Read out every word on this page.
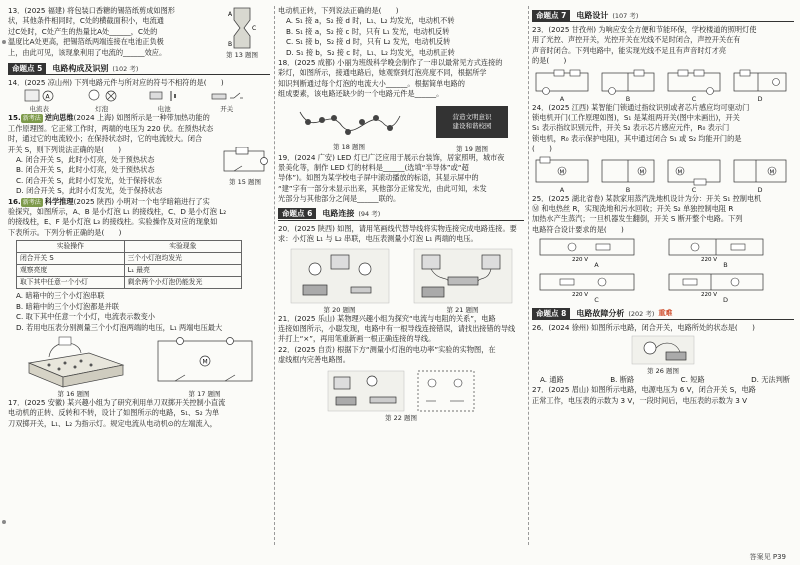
13．(2025 福建) 将包装口香糖的锡箔纸剪成如图形
状，其他条件相同时，C处的横截面积小，电流通
过C处时，C处产生的热量比A处______，C处的
温度比A处更高，把锡箔纸两端连接在电池正负极
上，由此可见，该现象利用了电流的______效应。
A
C
B
第 13 题图
命题点 5	电路构成及识别 (102 考)
14．(2025 凉山州) 下列电路元件与所对应的符号不相符的是(　　)
A
电流表	灯泡	电池	开关
15. 新考法 逆向思维(2024 上海) 如图所示是一种带加热功能的
工作原理图。它正常工作时，两端的电压为 220 伏。在预热状态
时，通过它的电流较小；在保持状态时，它的电流较大。闭合
开关 S，则下列说法正确的是(　　)
A. 闭合开关 S，此时小灯亮，处于预热状态
B. 闭合开关 S，此时小灯亮，处于预热状态
C. 闭合开关 S，此时小灯发光，处于保持状态
D. 闭合开关 S，此时小灯发光，处于保持状态
第 15 题图
16. 新考法 科学推理(2025 陕西) 小明对一个电学暗箱进行了实
验探究，如图所示，A、B 是小灯泡 L₁ 的接线柱，C、D 是小灯泡 L₂
的接线柱，E、F 是小灯泡 L₃ 的接线柱。实验操作及对应的现象如
下表所示。下列分析正确的是(　　)
实验操作	实验现象
闭合开关 S	三个小灯泡均发光
观察亮度	L₁ 最亮
取下其中任意一个小灯	剩余两个小灯泡仍能发光
A. 暗箱中的三个小灯泡串联
B. 暗箱中的三个小灯泡都是并联
C. 取下其中任意一个小灯，电流表示数变小
D. 若用电压表分别测量三个小灯泡两端的电压，L₁ 两端电压最大
第 16 题图
M
第 17 题图
17．(2025 安徽) 某兴趣小组为了研究利用单刀双掷开关控制小直流
电动机的正转、反转和不转，设计了如图所示的电路，S₁、S₂ 为单
刀双掷开关，L₁、L₂ 为指示灯。规定电流从电动机⊙的左端流入，
电动机正转，下列说法正确的是(　　)
A. S₁ 接 a，S₂ 接 d 时，L₁、L₂ 均发光，电动机不转
B. S₁ 接 a，S₂ 接 c 时，只有 L₁ 发光，电动机反转
C. S₁ 接 b，S₂ 接 d 时，只有 L₂ 发光，电动机反转
D. S₁ 接 b，S₂ 接 c 时，L₁、L₂ 均发光，电动机正转
18．(2025 成都) 小丽为班级科学晚会制作了一串以最常见方式连接的
彩灯，如图所示，接通电路后，她观察到灯泡亮度不同，根据所学
知识判断通过每个灯泡的电流大小______。根据简单电路的
组成要素，该电路还缺少的一个电路元件是______。
第 18 题图
营造文明意识
建设和谐校园
第 19 题图
19．(2024 广安) LED 灯已广泛应用于展示台装饰，居家照明，城市夜
景美化等，制作 LED 灯的材料是______(选填“半导体”或“超
导体”)。如图为某学校电子屏中滚动播放的标语，其显示屏中的
“建”字有一部分未显示出来，其他部分正常发光，由此可知，未发
光部分与其他部分之间是______联的。
命题点 6	电路连接 (94 考)
20．(2025 陕西) 如图，请用笔画线代替导线将实物连接完成电路连接。要
求：小灯泡 L₁ 与 L₂ 串联，电压表测量小灯泡 L₁ 两端的电压。
第 20 题图	第 21 题图
21．(2025 乐山) 某物理兴趣小组为探究“电流与电阻的关系”，电路
连接如图所示，小聪发现，电路中有一根导线连接错误，请找出接错的导线
并打上“×”，再用笔重新画一根正确连接的导线。
22．(2025 自贡) 根据下方“测量小灯泡的电功率”实验的实物图，在
虚线框内完善电路图。
第 22 题图
命题点 7	电路设计 (107 考)
23．(2025 甘孜州) 为响应安全方便和节能环保，学校楼道的照明灯使
用了光控、声控开关，光控开关在光线不足时闭合，声控开关在有
声音时闭合。下列电路中，能实现光线不足且有声音时灯才亮
的是(　　)
A	B	C	D
24．(2025 江西) 某智能门锁通过指纹识别或者芯片感应均可驱动门
锁电机开门(工作原理如图)，S₁ 是某组两开关(图中未画出)，开关
S₁ 表示指纹识别元件，开关 S₂ 表示芯片感应元件，R₀ 表示门
锁电机，R₀ 表示保护电阻)，其中通过闭合 S₁ 或 S₂ 均能开门的是
(　　)
M
A
M
B
M
C
M
D
25．(2025 湖北省卷) 某款家用蒸汽洗地机设计为分：开关 S₁ 控制电机
Ⓜ 和电热丝 R，实现洗地和污水回收；开关 S₂ 单独控制电阻 R
加热水产生蒸汽；一旦机器发生翻倒，开关 S 断开整个电路。下列
电路符合设计要求的是(　　)
220 V
A
220 V
B
220 V
C
220 V
D
命题点 8	电路故障分析 (202 考) 重难
26．(2024 徐州) 如图所示电路，闭合开关，电路所处的状态是(　　)
第 26 题图
A. 通路	B. 断路	C. 短路	D. 无法判断
27．(2025 眉山) 如图所示电路，电源电压为 6 V，闭合开关 S，电路
正常工作，电压表的示数为 3 V，一段时间后，电压表的示数为 3 V
答案见 P39
